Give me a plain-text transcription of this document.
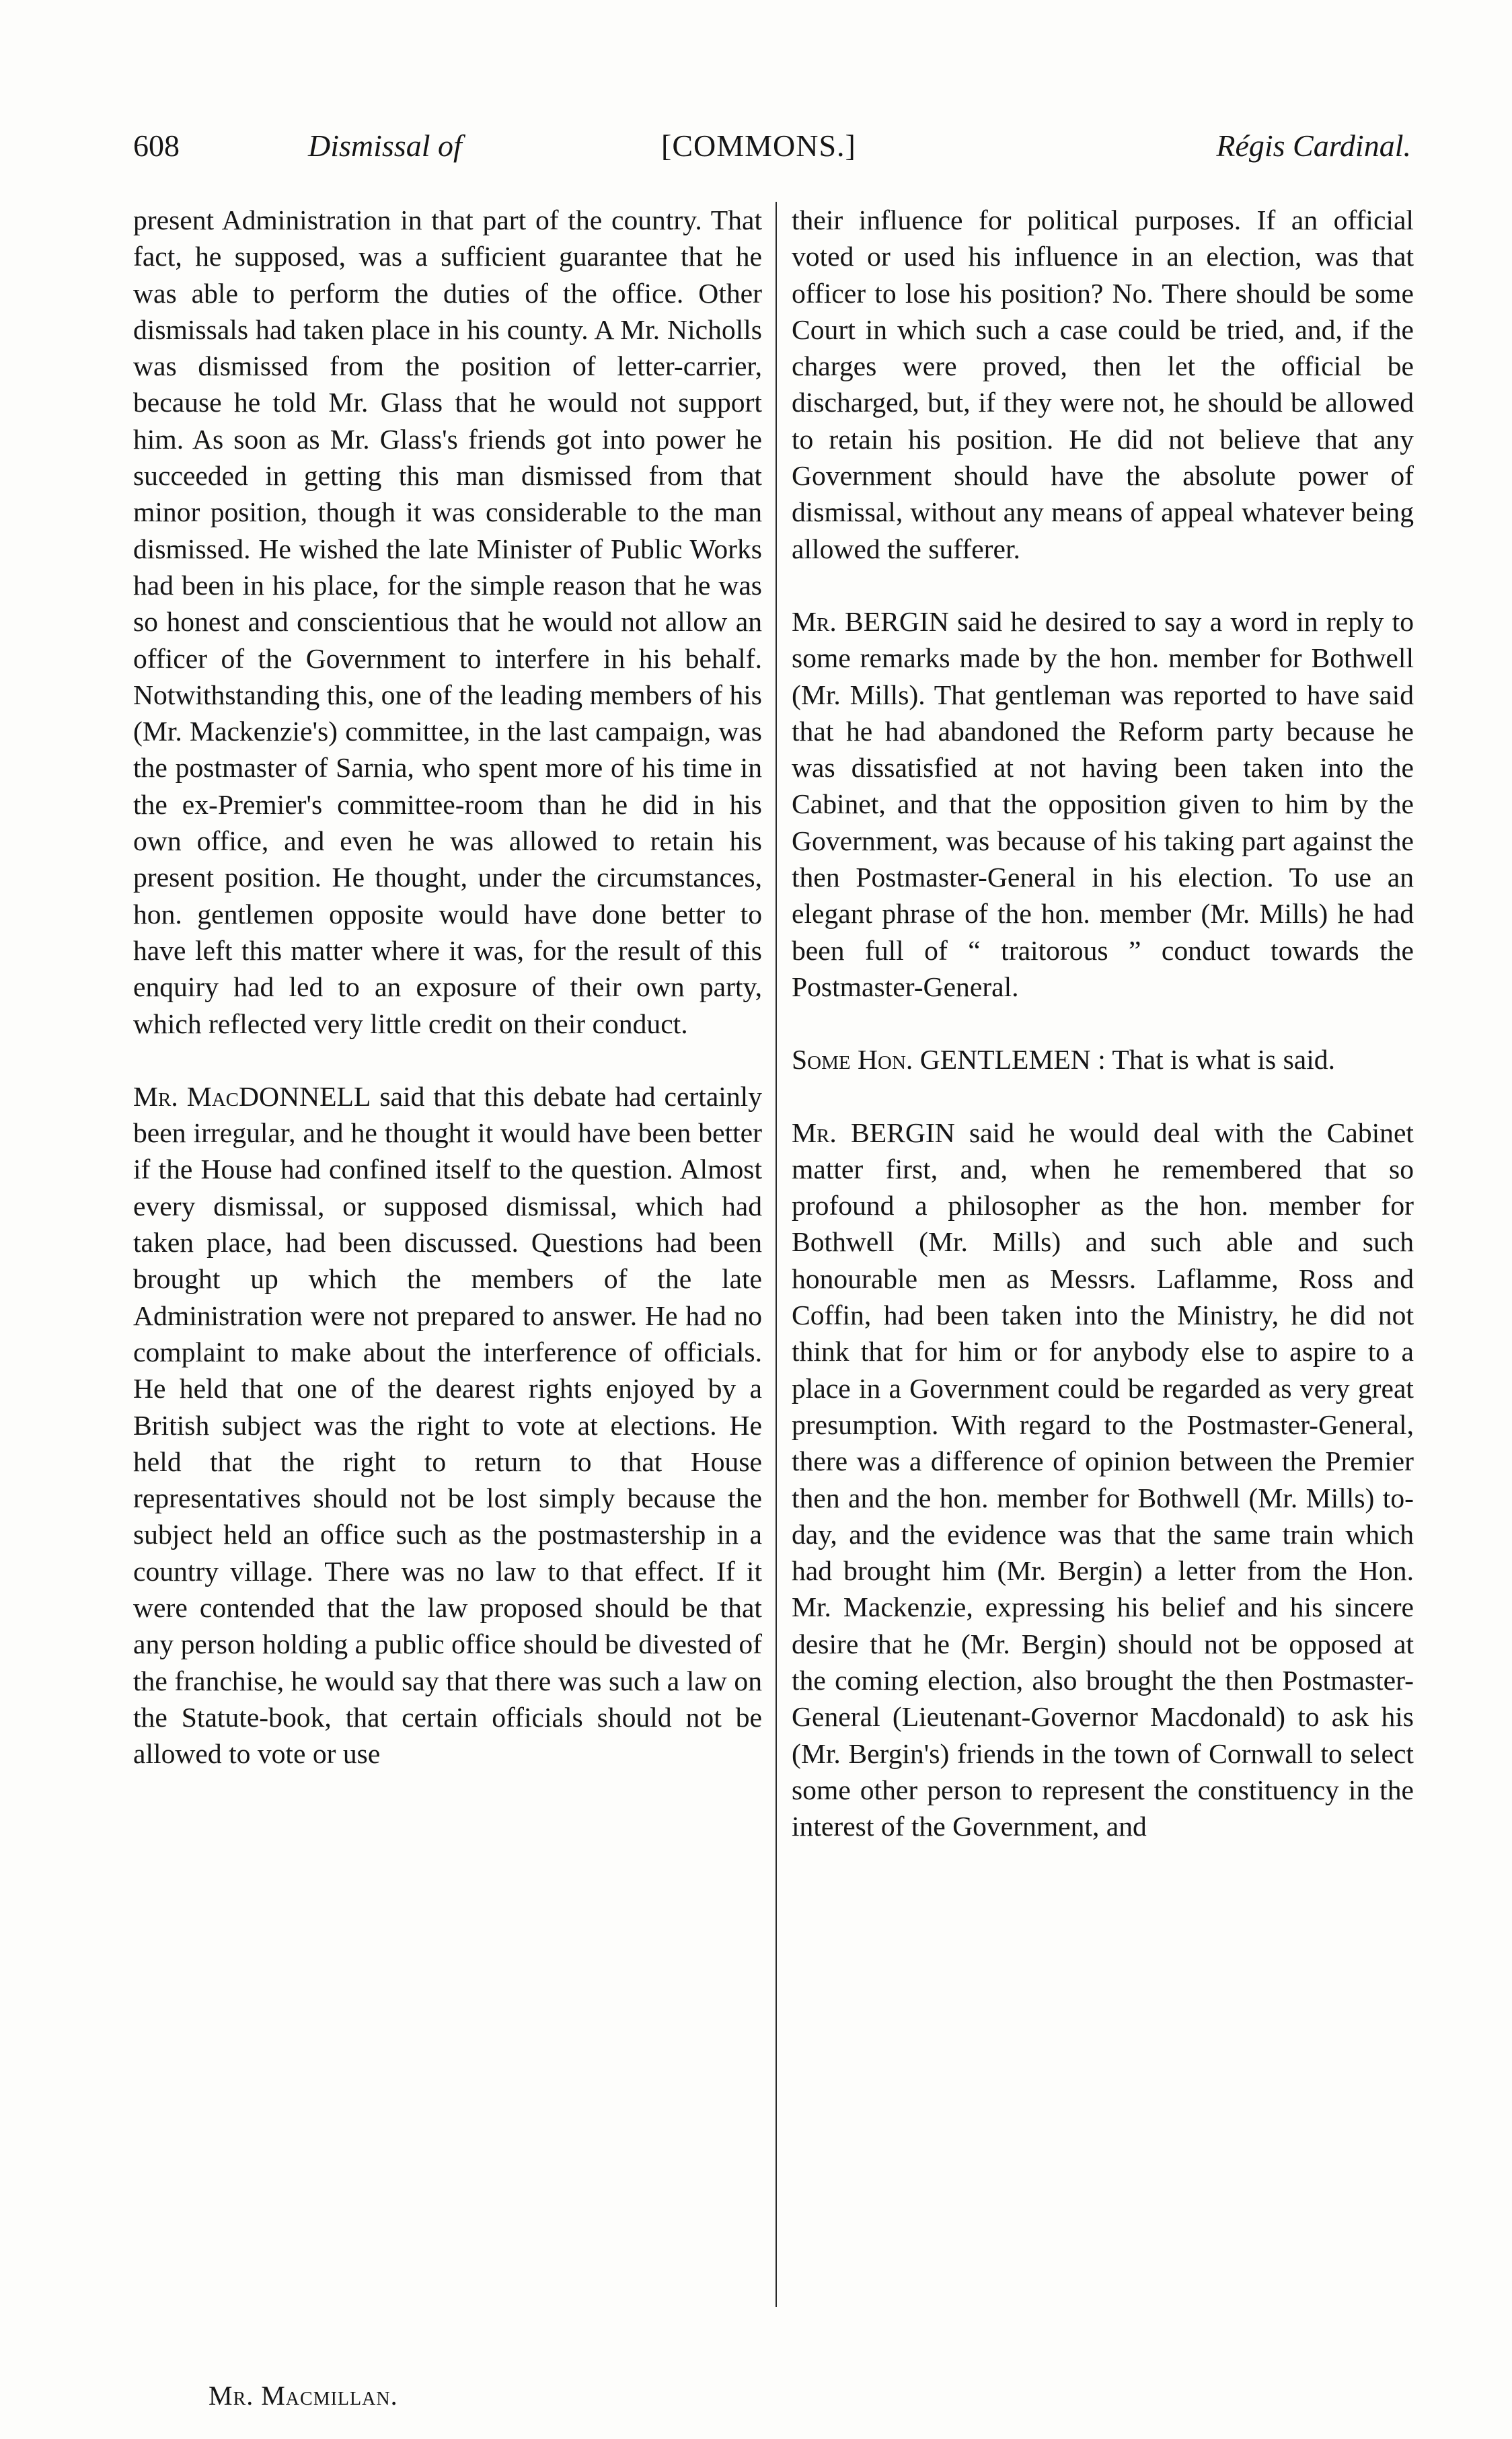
608	Dismissal of	[COMMONS.]	Régis Cardinal.

present Administration in that part of the country. That fact, he supposed, was a sufficient guarantee that he was able to perform the duties of the office. Other dismissals had taken place in his county. A Mr. Nicholls was dismissed from the position of letter-carrier, because he told Mr. Glass that he would not support him. As soon as Mr. Glass's friends got into power he succeeded in getting this man dismissed from that minor position, though it was considerable to the man dismissed. He wished the late Minister of Public Works had been in his place, for the simple reason that he was so honest and conscientious that he would not allow an officer of the Government to interfere in his behalf. Notwithstanding this, one of the leading members of his (Mr. Mackenzie's) committee, in the last campaign, was the postmaster of Sarnia, who spent more of his time in the ex-Premier's committee-room than he did in his own office, and even he was allowed to retain his present position. He thought, under the circumstances, hon. gentlemen opposite would have done better to have left this matter where it was, for the result of this enquiry had led to an exposure of their own party, which reflected very little credit on their conduct.

Mr. MacDONNELL said that this debate had certainly been irregular, and he thought it would have been better if the House had confined itself to the question. Almost every dismissal, or supposed dismissal, which had taken place, had been discussed. Questions had been brought up which the members of the late Administration were not prepared to answer. He had no complaint to make about the interference of officials. He held that one of the dearest rights enjoyed by a British subject was the right to vote at elections. He held that the right to return to that House representatives should not be lost simply because the subject held an office such as the postmastership in a country village. There was no law to that effect. If it were contended that the law proposed should be that any person holding a public office should be divested of the franchise, he would say that there was such a law on the Statute-book, that certain officials should not be allowed to vote or use

their influence for political purposes. If an official voted or used his influence in an election, was that officer to lose his position? No. There should be some Court in which such a case could be tried, and, if the charges were proved, then let the official be discharged, but, if they were not, he should be allowed to retain his position. He did not believe that any Government should have the absolute power of dismissal, without any means of appeal whatever being allowed the sufferer.

Mr. BERGIN said he desired to say a word in reply to some remarks made by the hon. member for Bothwell (Mr. Mills). That gentleman was reported to have said that he had abandoned the Reform party because he was dissatisfied at not having been taken into the Cabinet, and that the opposition given to him by the Government, was because of his taking part against the then Postmaster-General in his election. To use an elegant phrase of the hon. member (Mr. Mills) he had been full of “ traitorous ” conduct towards the Postmaster-General.

Some Hon. GENTLEMEN : That is what is said.

Mr. BERGIN said he would deal with the Cabinet matter first, and, when he remembered that so profound a philosopher as the hon. member for Bothwell (Mr. Mills) and such able and such honourable men as Messrs. Laflamme, Ross and Coffin, had been taken into the Ministry, he did not think that for him or for anybody else to aspire to a place in a Government could be regarded as very great presumption. With regard to the Postmaster-General, there was a difference of opinion between the Premier then and the hon. member for Bothwell (Mr. Mills) to-day, and the evidence was that the same train which had brought him (Mr. Bergin) a letter from the Hon. Mr. Mackenzie, expressing his belief and his sincere desire that he (Mr. Bergin) should not be opposed at the coming election, also brought the then Postmaster-General (Lieutenant-Governor Macdonald) to ask his (Mr. Bergin's) friends in the town of Cornwall to select some other person to represent the constituency in the interest of the Government, and

Mr. Macmillan.
